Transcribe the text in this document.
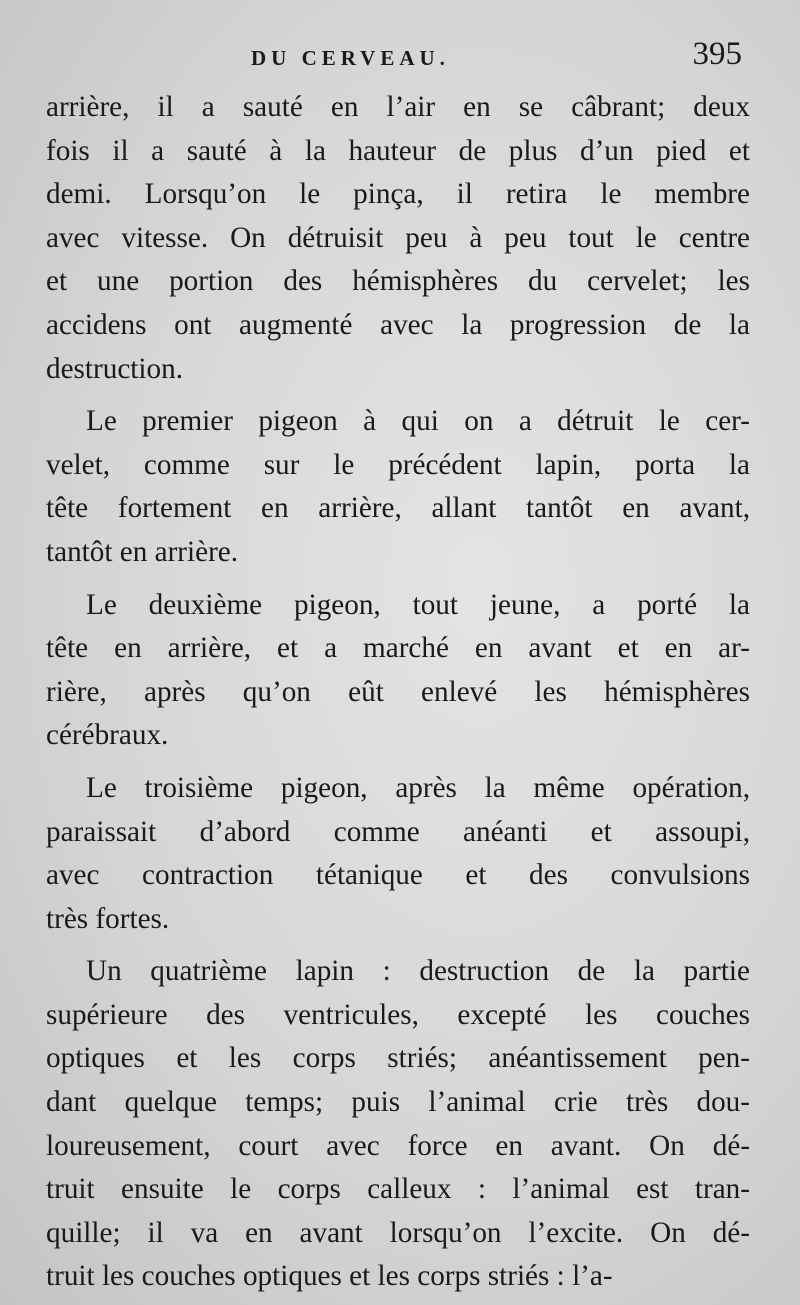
DU CERVEAU.	395
arrière, il a sauté en l’air en se câbrant; deux
fois il a sauté à la hauteur de plus d’un pied et
demi. Lorsqu’on le pinça, il retira le membre
avec vitesse. On détruisit peu à peu tout le centre
et une portion des hémisphères du cervelet; les
accidens ont augmenté avec la progression de la
destruction.
Le premier pigeon à qui on a détruit le cer-
velet, comme sur le précédent lapin, porta la
tête fortement en arrière, allant tantôt en avant,
tantôt en arrière.
Le deuxième pigeon, tout jeune, a porté la
tête en arrière, et a marché en avant et en ar-
rière, après qu’on eût enlevé les hémisphères
cérébraux.
Le troisième pigeon, après la même opération,
paraissait d’abord comme anéanti et assoupi,
avec contraction tétanique et des convulsions
très fortes.
Un quatrième lapin : destruction de la partie
supérieure des ventricules, excepté les couches
optiques et les corps striés; anéantissement pen-
dant quelque temps; puis l’animal crie très dou-
loureusement, court avec force en avant. On dé-
truit ensuite le corps calleux : l’animal est tran-
quille; il va en avant lorsqu’on l’excite. On dé-
truit les couches optiques et les corps striés : l’a-
